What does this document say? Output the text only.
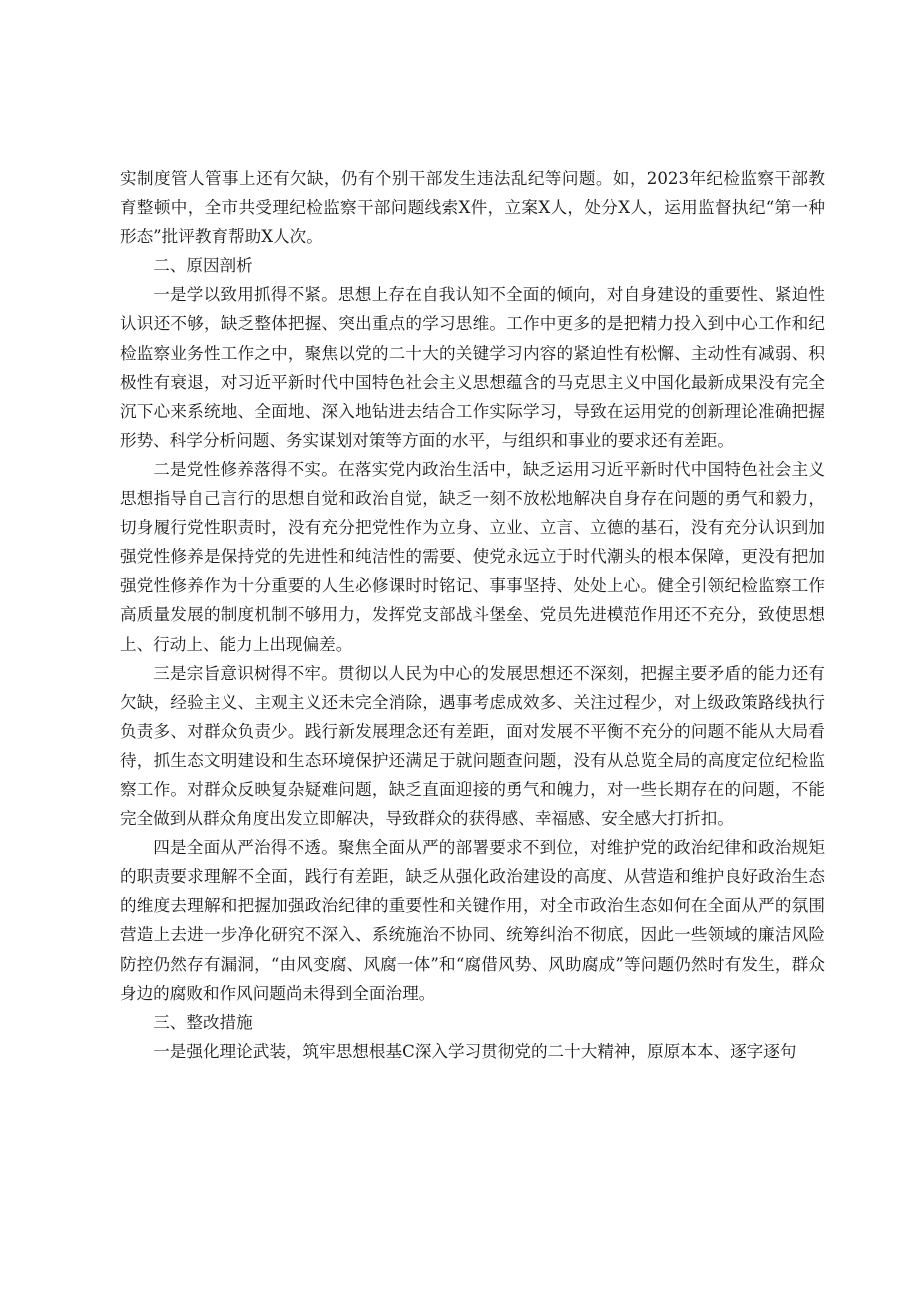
实制度管人管事上还有欠缺，仍有个别干部发生违法乱纪等问题。如，2023年纪检监察干部教育整顿中，全市共受理纪检监察干部问题线索X件，立案X人，处分X人，运用监督执纪“第一种形态”批评教育帮助X人次。

二、原因剖析

一是学以致用抓得不紧。思想上存在自我认知不全面的倾向，对自身建设的重要性、紧迫性认识还不够，缺乏整体把握、突出重点的学习思维。工作中更多的是把精力投入到中心工作和纪检监察业务性工作之中，聚焦以党的二十大的关键学习内容的紧迫性有松懈、主动性有减弱、积极性有衰退，对习近平新时代中国特色社会主义思想蕴含的马克思主义中国化最新成果没有完全沉下心来系统地、全面地、深入地钻进去结合工作实际学习，导致在运用党的创新理论准确把握形势、科学分析问题、务实谋划对策等方面的水平，与组织和事业的要求还有差距。

二是党性修养落得不实。在落实党内政治生活中，缺乏运用习近平新时代中国特色社会主义思想指导自己言行的思想自觉和政治自觉，缺乏一刻不放松地解决自身存在问题的勇气和毅力，切身履行党性职责时，没有充分把党性作为立身、立业、立言、立德的基石，没有充分认识到加强党性修养是保持党的先进性和纯洁性的需要、使党永远立于时代潮头的根本保障，更没有把加强党性修养作为十分重要的人生必修课时时铭记、事事坚持、处处上心。健全引领纪检监察工作高质量发展的制度机制不够用力，发挥党支部战斗堡垒、党员先进模范作用还不充分，致使思想上、行动上、能力上出现偏差。

三是宗旨意识树得不牢。贯彻以人民为中心的发展思想还不深刻，把握主要矛盾的能力还有欠缺，经验主义、主观主义还未完全消除，遇事考虑成效多、关注过程少，对上级政策路线执行负责多、对群众负责少。践行新发展理念还有差距，面对发展不平衡不充分的问题不能从大局看待，抓生态文明建设和生态环境保护还满足于就问题查问题，没有从总览全局的高度定位纪检监察工作。对群众反映复杂疑难问题，缺乏直面迎接的勇气和魄力，对一些长期存在的问题，不能完全做到从群众角度出发立即解决，导致群众的获得感、幸福感、安全感大打折扣。

四是全面从严治得不透。聚焦全面从严的部署要求不到位，对维护党的政治纪律和政治规矩的职责要求理解不全面，践行有差距，缺乏从强化政治建设的高度、从营造和维护良好政治生态的维度去理解和把握加强政治纪律的重要性和关键作用，对全市政治生态如何在全面从严的氛围营造上去进一步净化研究不深入、系统施治不协同、统筹纠治不彻底，因此一些领域的廉洁风险防控仍然存有漏洞，“由风变腐、风腐一体”和“腐借风势、风助腐成”等问题仍然时有发生，群众身边的腐败和作风问题尚未得到全面治理。

三、整改措施

一是强化理论武装，筑牢思想根基C深入学习贯彻党的二十大精神，原原本本、逐字逐句
